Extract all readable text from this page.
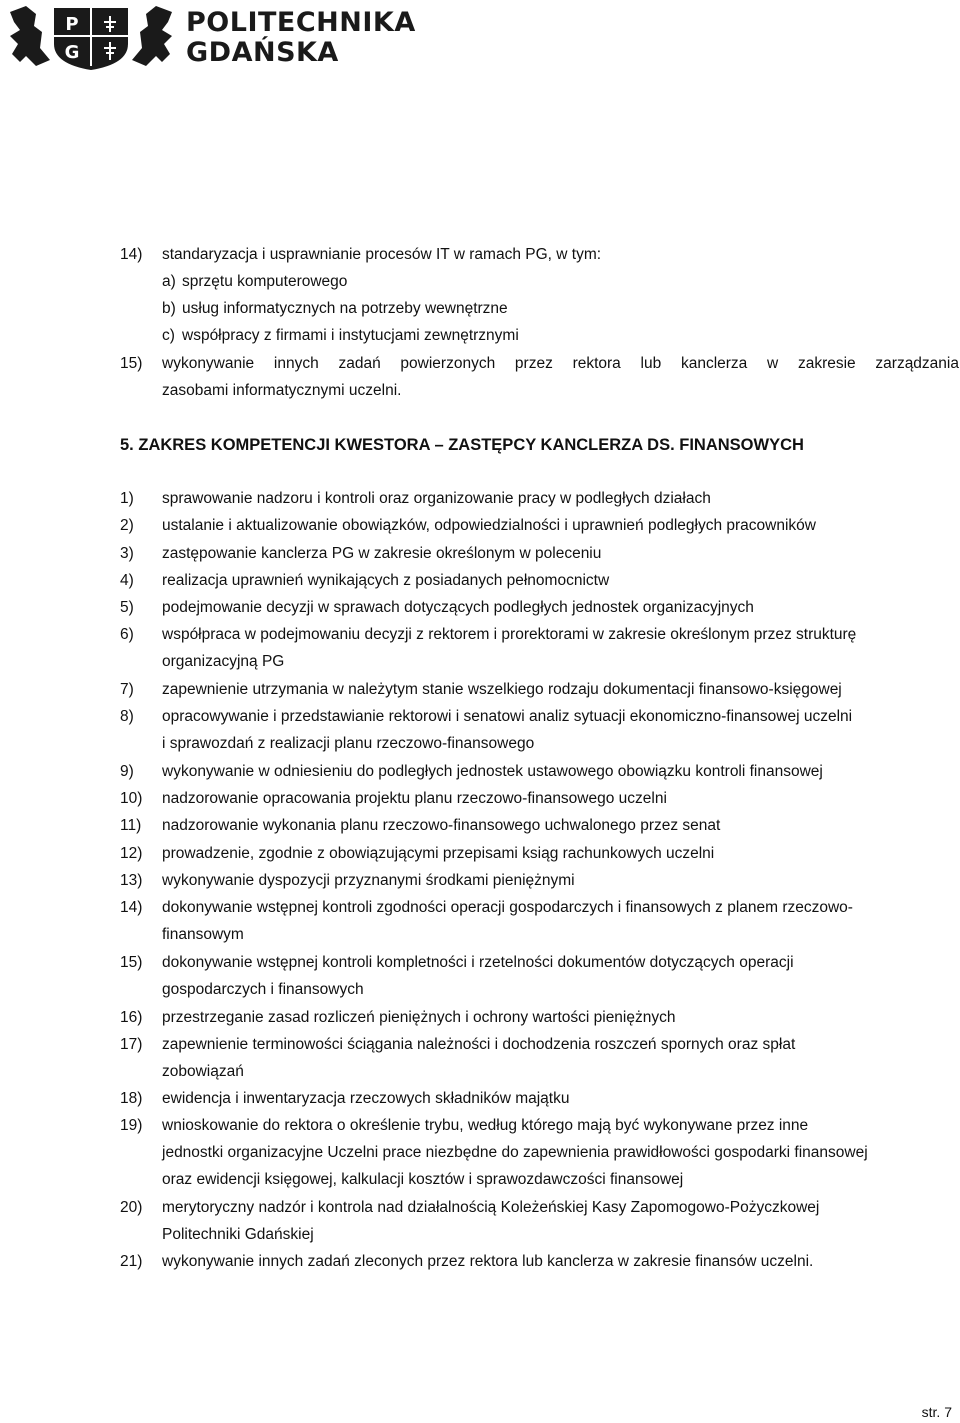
P
G
POLITECHNIKA
GDAŃSKA
14) standaryzacja i usprawnianie procesów IT w ramach PG, w tym:
a) sprzętu komputerowego
b) usług informatycznych na potrzeby wewnętrzne
c) współpracy z firmami i instytucjami zewnętrznymi
15) wykonywanie innych zadań powierzonych przez rektora lub kanclerza w zakresie zarządzania
zasobami informatycznymi uczelni.
5. ZAKRES KOMPETENCJI KWESTORA – ZASTĘPCY KANCLERZA DS. FINANSOWYCH
1) sprawowanie nadzoru i kontroli oraz organizowanie pracy w podległych działach
2) ustalanie i aktualizowanie obowiązków, odpowiedzialności i uprawnień podległych pracowników
3) zastępowanie kanclerza PG w zakresie określonym w poleceniu
4) realizacja uprawnień wynikających z posiadanych pełnomocnictw
5) podejmowanie decyzji w sprawach dotyczących podległych jednostek organizacyjnych
6) współpraca w podejmowaniu decyzji z rektorem i prorektorami w zakresie określonym przez strukturę
organizacyjną PG
7) zapewnienie utrzymania w należytym stanie wszelkiego rodzaju dokumentacji finansowo-księgowej
8) opracowywanie i przedstawianie rektorowi i senatowi analiz sytuacji ekonomiczno-finansowej uczelni
i sprawozdań z realizacji planu rzeczowo-finansowego
9) wykonywanie w odniesieniu do podległych jednostek ustawowego obowiązku kontroli finansowej
10) nadzorowanie opracowania projektu planu rzeczowo-finansowego uczelni
11) nadzorowanie wykonania planu rzeczowo-finansowego uchwalonego przez senat
12) prowadzenie, zgodnie z obowiązującymi przepisami ksiąg rachunkowych uczelni
13) wykonywanie dyspozycji przyznanymi środkami pieniężnymi
14) dokonywanie wstępnej kontroli zgodności operacji gospodarczych i finansowych z planem rzeczowo-
finansowym
15) dokonywanie wstępnej kontroli kompletności i rzetelności dokumentów dotyczących operacji
gospodarczych i finansowych
16) przestrzeganie zasad rozliczeń pieniężnych i ochrony wartości pieniężnych
17) zapewnienie terminowości ściągania należności i dochodzenia roszczeń spornych oraz spłat
zobowiązań
18) ewidencja i inwentaryzacja rzeczowych składników majątku
19) wnioskowanie do rektora o określenie trybu, według którego mają być wykonywane przez inne
jednostki organizacyjne Uczelni prace niezbędne do zapewnienia prawidłowości gospodarki finansowej
oraz ewidencji księgowej, kalkulacji kosztów i sprawozdawczości finansowej
20) merytoryczny nadzór i kontrola nad działalnością Koleżeńskiej Kasy Zapomogowo-Pożyczkowej
Politechniki Gdańskiej
21) wykonywanie innych zadań zleconych przez rektora lub kanclerza w zakresie finansów uczelni.
str. 7
